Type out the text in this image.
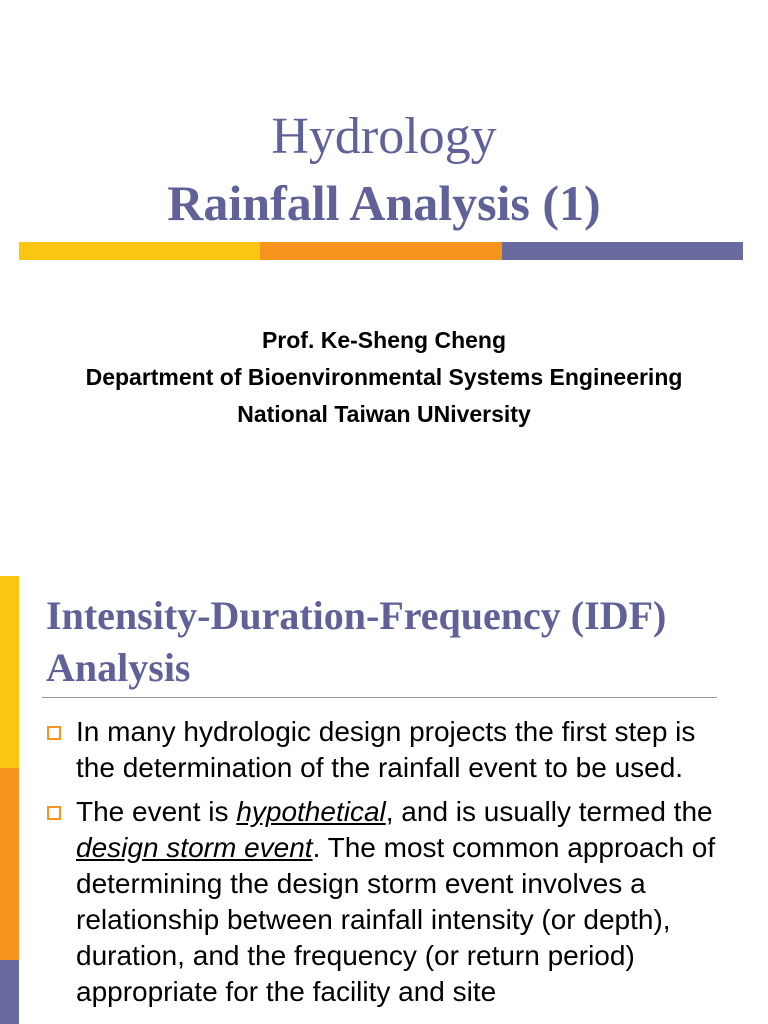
Hydrology
Rainfall Analysis (1)
Prof. Ke-Sheng Cheng
Department of Bioenvironmental Systems Engineering
National Taiwan UNiversity
Intensity-Duration-Frequency (IDF) Analysis
In many hydrologic design projects the first step is the determination of the rainfall event to be used.
The event is hypothetical, and is usually termed the design storm event. The most common approach of determining the design storm event involves a relationship between rainfall intensity (or depth), duration, and the frequency (or return period) appropriate for the facility and site
